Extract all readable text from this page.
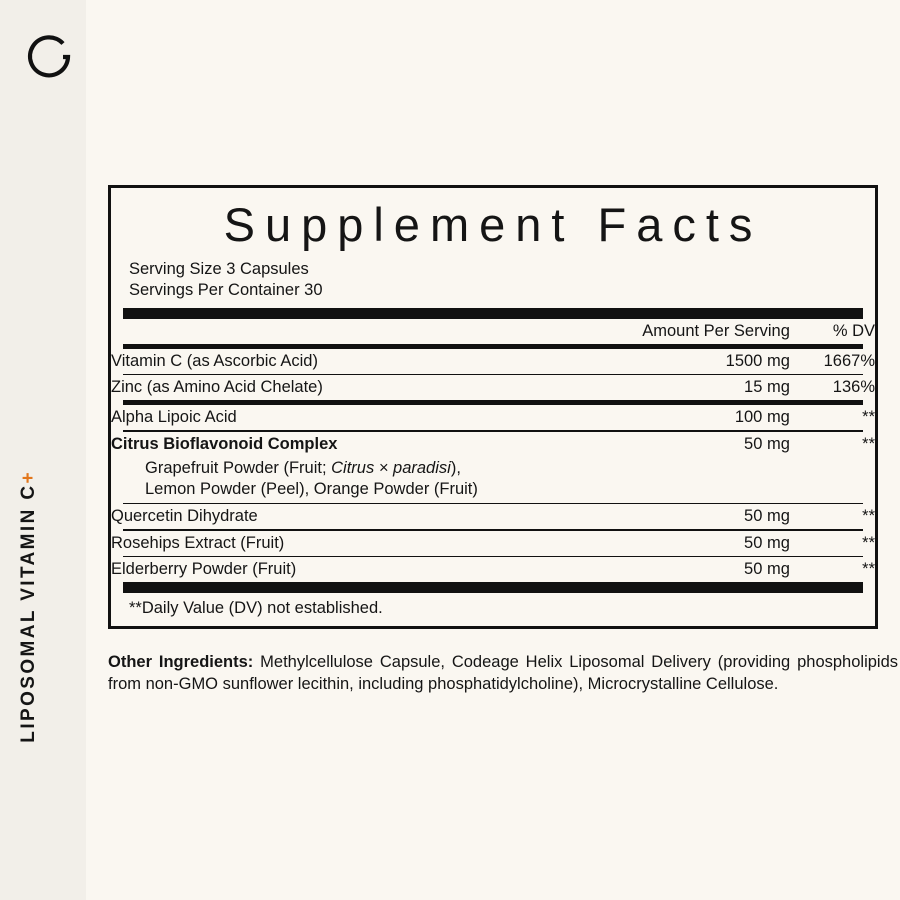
LIPOSOMAL VITAMIN C+
Supplement Facts
Serving Size 3 Capsules
Servings Per Container 30
	Amount Per Serving	% DV
Vitamin C (as Ascorbic Acid)	1500 mg	1667%
Zinc (as Amino Acid Chelate)	15 mg	136%
Alpha Lipoic Acid	100 mg	**
Citrus Bioflavonoid Complex	50 mg	**
Grapefruit Powder (Fruit; Citrus × paradisi),
Lemon Powder (Peel), Orange Powder (Fruit)
Quercetin Dihydrate	50 mg	**
Rosehips Extract (Fruit)	50 mg	**
Elderberry Powder (Fruit)	50 mg	**
**Daily Value (DV) not established.
Other Ingredients: Methylcellulose Capsule, Codeage Helix Liposomal Delivery (providing phospholipids from non-GMO sunflower lecithin, including phosphatidylcholine), Microcrystalline Cellulose.
